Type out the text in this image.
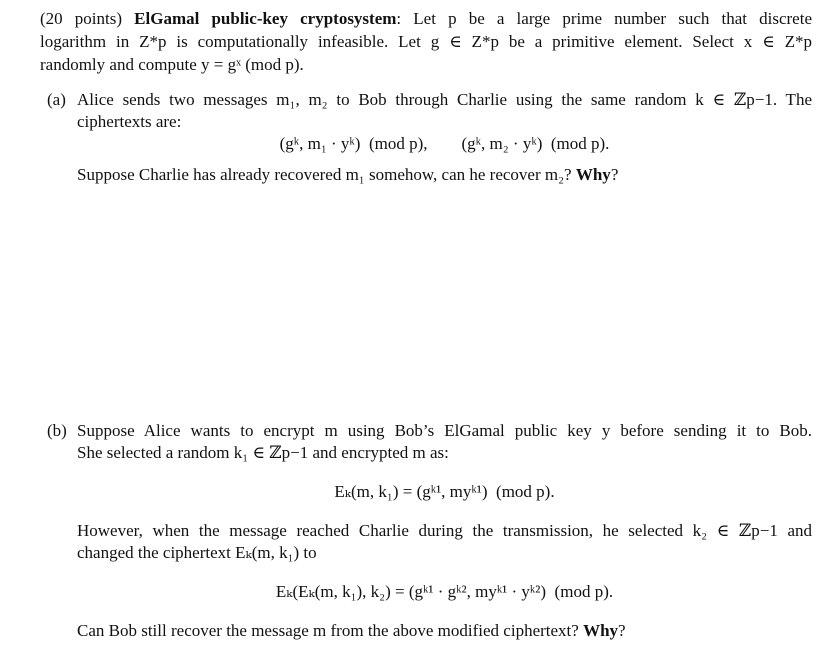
(20 points) ElGamal public-key cryptosystem: Let p be a large prime number such that discrete
logarithm in Z*p is computationally infeasible. Let g ∈ Z*p be a primitive element. Select x ∈ Z*p
randomly and compute y = gˣ (mod p).
(a) Alice sends two messages m₁, m₂ to Bob through Charlie using the same random k ∈ ℤp−1. The
ciphertexts are:
(gᵏ, m₁ · yᵏ)  (mod p),        (gᵏ, m₂ · yᵏ)  (mod p).
Suppose Charlie has already recovered m₁ somehow, can he recover m₂? Why?
(b) Suppose Alice wants to encrypt m using Bob’s ElGamal public key y before sending it to Bob.
She selected a random k₁ ∈ ℤp−1 and encrypted m as:
Eₖ(m, k₁) = (gᵏ¹, myᵏ¹)  (mod p).
However, when the message reached Charlie during the transmission, he selected k₂ ∈ ℤp−1 and
changed the ciphertext Eₖ(m, k₁) to
Eₖ(Eₖ(m, k₁), k₂) = (gᵏ¹ · gᵏ², myᵏ¹ · yᵏ²)  (mod p).
Can Bob still recover the message m from the above modified ciphertext? Why?
